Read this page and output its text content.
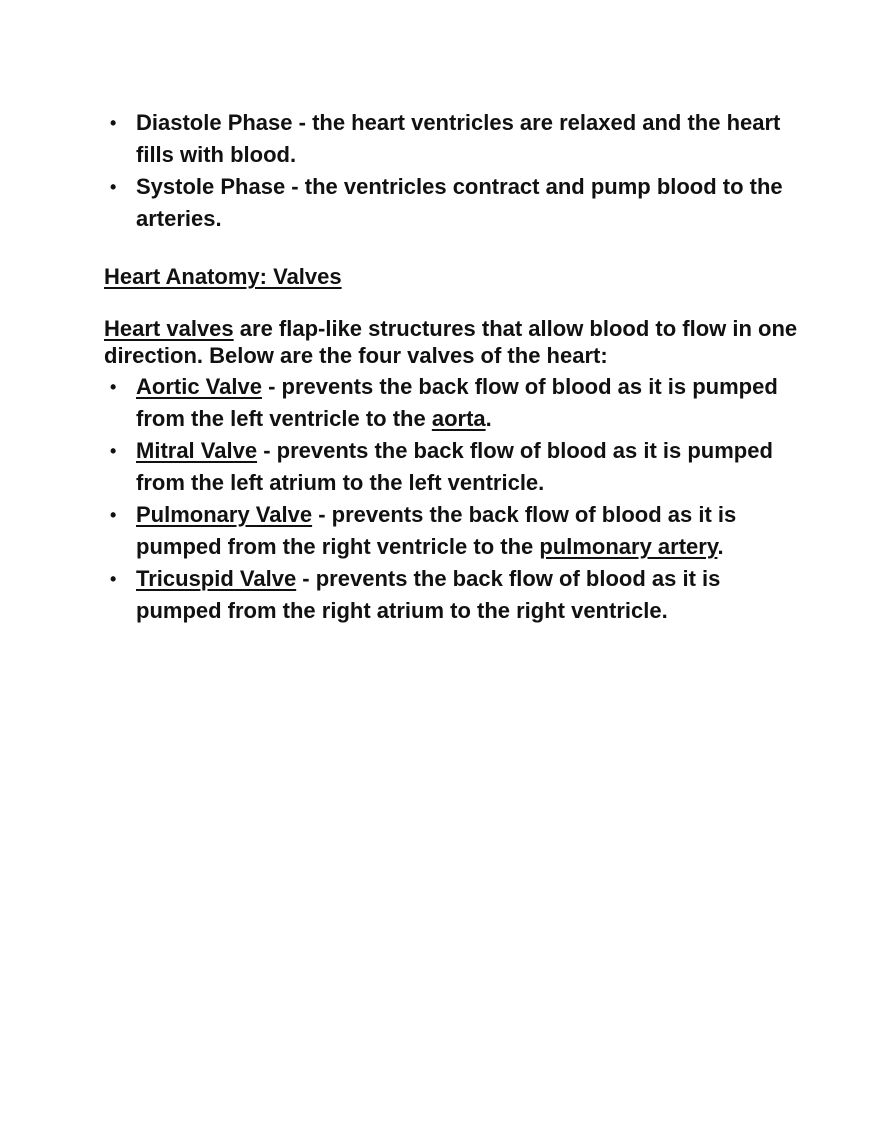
• Diastole Phase - the heart ventricles are relaxed and the heart fills with blood.
• Systole Phase - the ventricles contract and pump blood to the arteries.
Heart Anatomy: Valves

Heart valves are flap-like structures that allow blood to flow in one direction. Below are the four valves of the heart:

• Aortic Valve - prevents the back flow of blood as it is pumped from the left ventricle to the aorta.
• Mitral Valve - prevents the back flow of blood as it is pumped from the left atrium to the left ventricle.
• Pulmonary Valve - prevents the back flow of blood as it is pumped from the right ventricle to the pulmonary artery.
• Tricuspid Valve - prevents the back flow of blood as it is pumped from the right atrium to the right ventricle.
